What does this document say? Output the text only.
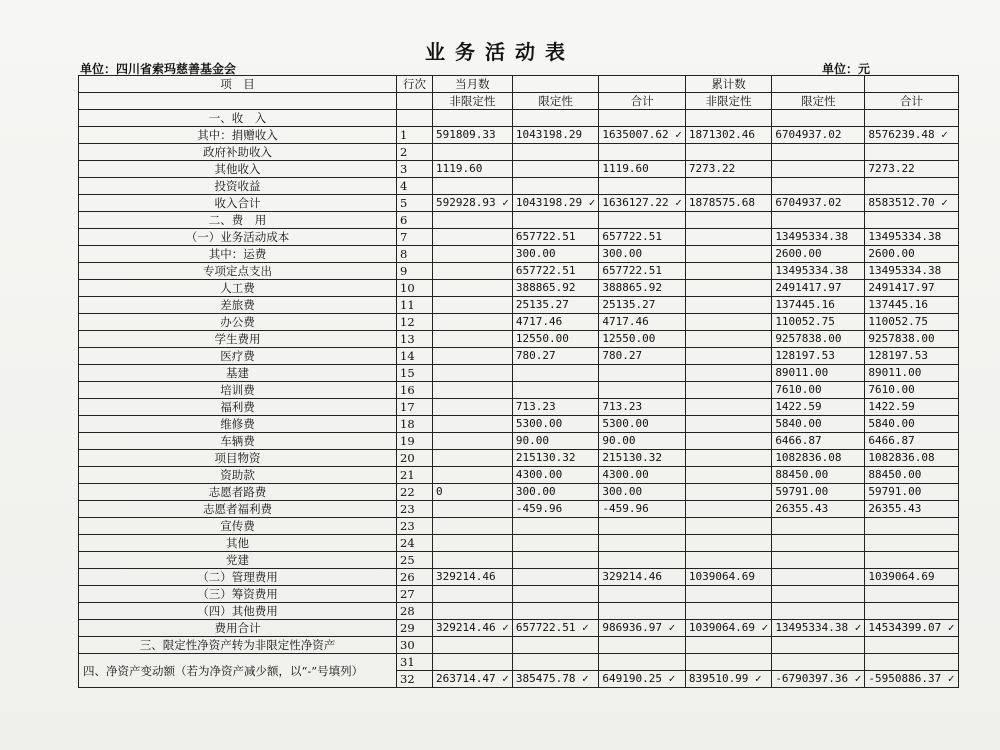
业务活动表
单位：四川省索玛慈善基金会	单位：元
项　目	行次	当月数			累计数		
		非限定性	限定性	合计	非限定性	限定性	合计
一、收　入							
其中：捐赠收入	1	591809.33	1043198.29	1635007.62 ✓	1871302.46	6704937.02	8576239.48 ✓
政府补助收入	2						
其他收入	3	1119.60		1119.60	7273.22		7273.22
投资收益	4						
收入合计	5	592928.93 ✓	1043198.29 ✓	1636127.22 ✓	1878575.68	6704937.02	8583512.70 ✓
二、费　用	6						
（一）业务活动成本	7		657722.51	657722.51		13495334.38	13495334.38
其中：运费	8		300.00	300.00		2600.00	2600.00
专项定点支出	9		657722.51	657722.51		13495334.38	13495334.38
人工费	10		388865.92	388865.92		2491417.97	2491417.97
差旅费	11		25135.27	25135.27		137445.16	137445.16
办公费	12		4717.46	4717.46		110052.75	110052.75
学生费用	13		12550.00	12550.00		9257838.00	9257838.00
医疗费	14		780.27	780.27		128197.53	128197.53
基建	15					89011.00	89011.00
培训费	16					7610.00	7610.00
福利费	17		713.23	713.23		1422.59	1422.59
维修费	18		5300.00	5300.00		5840.00	5840.00
车辆费	19		90.00	90.00		6466.87	6466.87
项目物资	20		215130.32	215130.32		1082836.08	1082836.08
资助款	21		4300.00	4300.00		88450.00	88450.00
志愿者路费	22	0	300.00	300.00		59791.00	59791.00
志愿者福利费	23		-459.96	-459.96		26355.43	26355.43
宣传费	23						
其他	24						
党建	25						
（二）管理费用	26	329214.46		329214.46	1039064.69		1039064.69
（三）筹资费用	27						
（四）其他费用	28						
费用合计	29	329214.46 ✓	657722.51 ✓	986936.97 ✓	1039064.69 ✓	13495334.38 ✓	14534399.07 ✓
三、限定性净资产转为非限定性净资产	30						
四、净资产变动额（若为净资产减少额，以“-”号填列）	31						
	32	263714.47 ✓	385475.78 ✓	649190.25 ✓	839510.99 ✓	-6790397.36 ✓	-5950886.37 ✓
